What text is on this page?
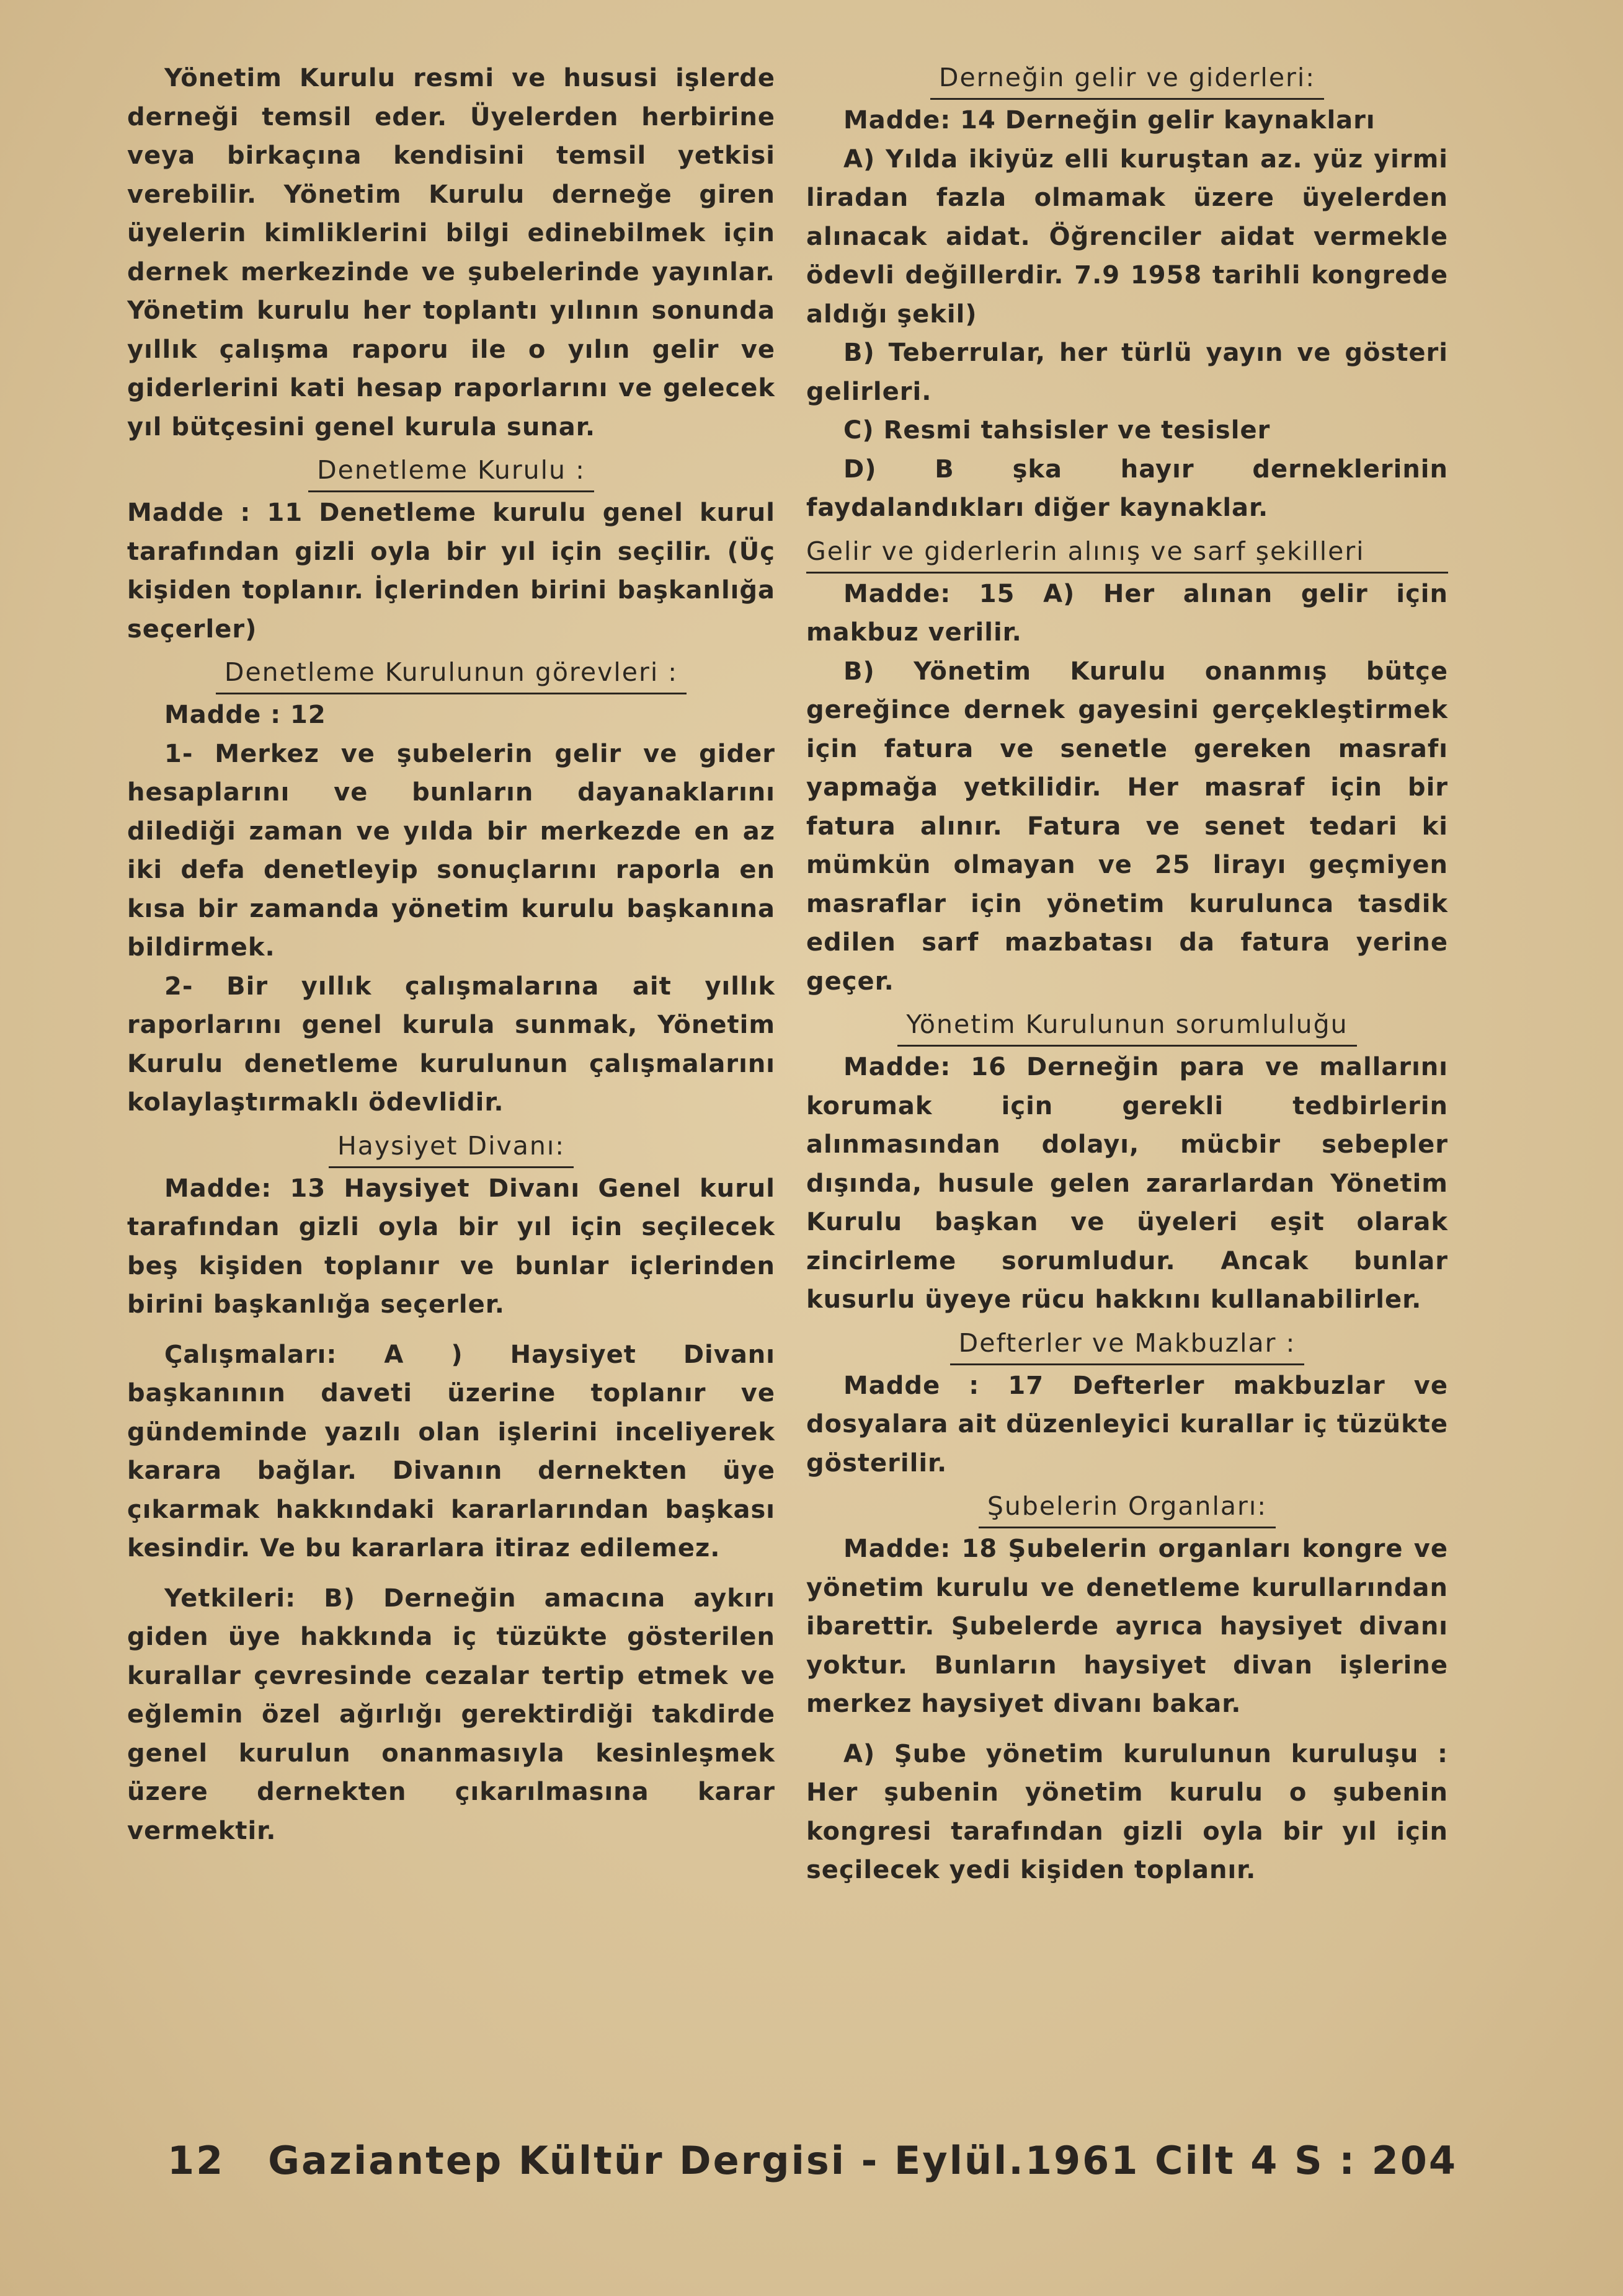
Yönetim Kurulu resmi ve hususi işlerde derneği temsil eder. Üyelerden herbirine veya birkaçına kendisini temsil yetkisi verebilir. Yönetim Kurulu derneğe giren üyelerin kimliklerini bilgi edinebilmek için dernek merkezinde ve şubelerinde yayınlar. Yönetim kurulu her toplantı yılının sonunda yıllık çalışma raporu ile o yılın gelir ve giderlerini kati hesap raporlarını ve gelecek yıl bütçesini genel kurula sunar.

Denetleme Kurulu :

Madde : 11 Denetleme kurulu genel kurul tarafından gizli oyla bir yıl için seçilir. (Üç kişiden toplanır. İçlerinden birini başkanlığa seçerler)

Denetleme Kurulunun görevleri :

Madde : 12

1- Merkez ve şubelerin gelir ve gider hesaplarını ve bunların dayanaklarını dilediği zaman ve yılda bir merkezde en az iki defa denetleyip sonuçlarını raporla en kısa bir zamanda yönetim kurulu başkanına bildirmek.

2- Bir yıllık çalışmalarına ait yıllık raporlarını genel kurula sunmak, Yönetim Kurulu denetleme kurulunun çalışmalarını kolaylaştırmaklı ödevlidir.

Haysiyet Divanı:

Madde: 13 Haysiyet Divanı Genel kurul tarafından gizli oyla bir yıl için seçilecek beş kişiden toplanır ve bunlar içlerinden birini başkanlığa seçerler.

Çalışmaları: A ) Haysiyet Divanı başkanının daveti üzerine toplanır ve gündeminde yazılı olan işlerini inceliyerek karara bağlar. Divanın dernekten üye çıkarmak hakkındaki kararlarından başkası kesindir. Ve bu kararlara itiraz edilemez.

Yetkileri: B) Derneğin amacına aykırı giden üye hakkında iç tüzükte gösterilen kurallar çevresinde cezalar tertip etmek ve eğlemin özel ağırlığı gerektirdiği takdirde genel kurulun onanmasıyla kesinleşmek üzere dernekten çıkarılmasına karar vermektir.

Derneğin gelir ve giderleri:

Madde: 14 Derneğin gelir kaynakları

A) Yılda ikiyüz elli kuruştan az. yüz yirmi liradan fazla olmamak üzere üyelerden alınacak aidat. Öğrenciler aidat vermekle ödevli değillerdir. 7.9 1958 tarihli kongrede aldığı şekil)

B) Teberrular, her türlü yayın ve gösteri gelirleri.

C) Resmi tahsisler ve tesisler

D) B şka hayır derneklerinin faydalandıkları diğer kaynaklar.

Gelir ve giderlerin alınış ve sarf şekilleri

Madde: 15 A) Her alınan gelir için makbuz verilir.

B) Yönetim Kurulu onanmış bütçe gereğince dernek gayesini gerçekleştirmek için fatura ve senetle gereken masrafı yapmağa yetkilidir. Her masraf için bir fatura alınır. Fatura ve senet tedari ki mümkün olmayan ve 25 lirayı geçmiyen masraflar için yönetim kurulunca tasdik edilen sarf mazbatası da fatura yerine geçer.

Yönetim Kurulunun sorumluluğu

Madde: 16 Derneğin para ve mallarını korumak için gerekli tedbirlerin alınmasından dolayı, mücbir sebepler dışında, husule gelen zararlardan Yönetim Kurulu başkan ve üyeleri eşit olarak zincirleme sorumludur. Ancak bunlar kusurlu üyeye rücu hakkını kullanabilirler.

Defterler ve Makbuzlar :

Madde : 17 Defterler makbuzlar ve dosyalara ait düzenleyici kurallar iç tüzükte gösterilir.

Şubelerin Organları:

Madde: 18 Şubelerin organları kongre ve yönetim kurulu ve denetleme kurullarından ibarettir. Şubelerde ayrıca haysiyet divanı yoktur. Bunların haysiyet divan işlerine merkez haysiyet divanı bakar.

A) Şube yönetim kurulunun kuruluşu : Her şubenin yönetim kurulu o şubenin kongresi tarafından gizli oyla bir yıl için seçilecek yedi kişiden toplanır.

12 Gaziantep Kültür Dergisi - Eylül.1961 Cilt 4 S : 204
